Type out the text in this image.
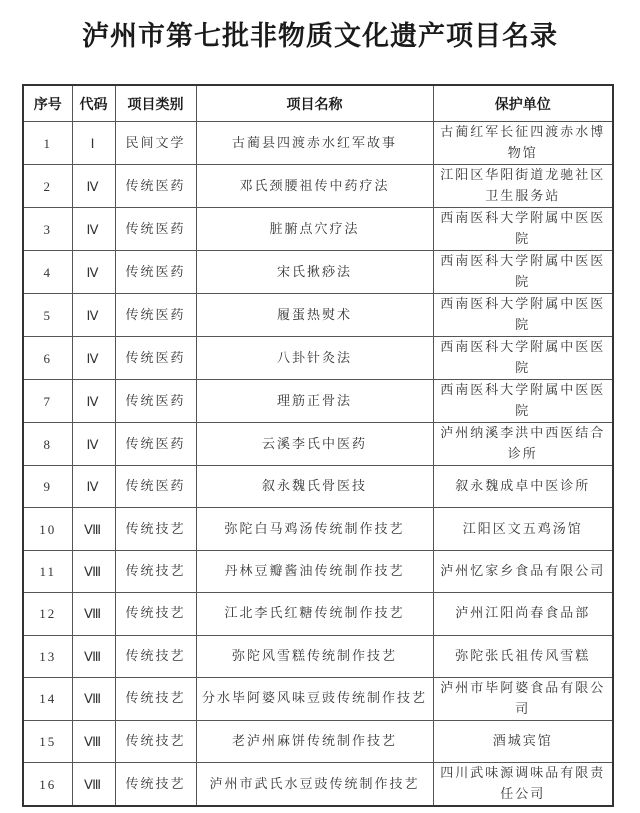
泸州市第七批非物质文化遗产项目名录
序号	代码	项目类别	项目名称	保护单位
1	Ⅰ	民间文学	古蔺县四渡赤水红军故事	古蔺红军长征四渡赤水博物馆
2	Ⅳ	传统医药	邓氏颈腰祖传中药疗法	江阳区华阳街道龙驰社区卫生服务站
3	Ⅳ	传统医药	脏腑点穴疗法	西南医科大学附属中医医院
4	Ⅳ	传统医药	宋氏揪痧法	西南医科大学附属中医医院
5	Ⅳ	传统医药	履蛋热熨术	西南医科大学附属中医医院
6	Ⅳ	传统医药	八卦针灸法	西南医科大学附属中医医院
7	Ⅳ	传统医药	理筋正骨法	西南医科大学附属中医医院
8	Ⅳ	传统医药	云溪李氏中医药	泸州纳溪李洪中西医结合诊所
9	Ⅳ	传统医药	叙永魏氏骨医技	叙永魏成卓中医诊所
10	Ⅷ	传统技艺	弥陀白马鸡汤传统制作技艺	江阳区文五鸡汤馆
11	Ⅷ	传统技艺	丹林豆瓣酱油传统制作技艺	泸州忆家乡食品有限公司
12	Ⅷ	传统技艺	江北李氏红糖传统制作技艺	泸州江阳尚春食品部
13	Ⅷ	传统技艺	弥陀风雪糕传统制作技艺	弥陀张氏祖传风雪糕
14	Ⅷ	传统技艺	分水毕阿婆风味豆豉传统制作技艺	泸州市毕阿婆食品有限公司
15	Ⅷ	传统技艺	老泸州麻饼传统制作技艺	酒城宾馆
16	Ⅷ	传统技艺	泸州市武氏水豆豉传统制作技艺	四川武味源调味品有限责任公司
